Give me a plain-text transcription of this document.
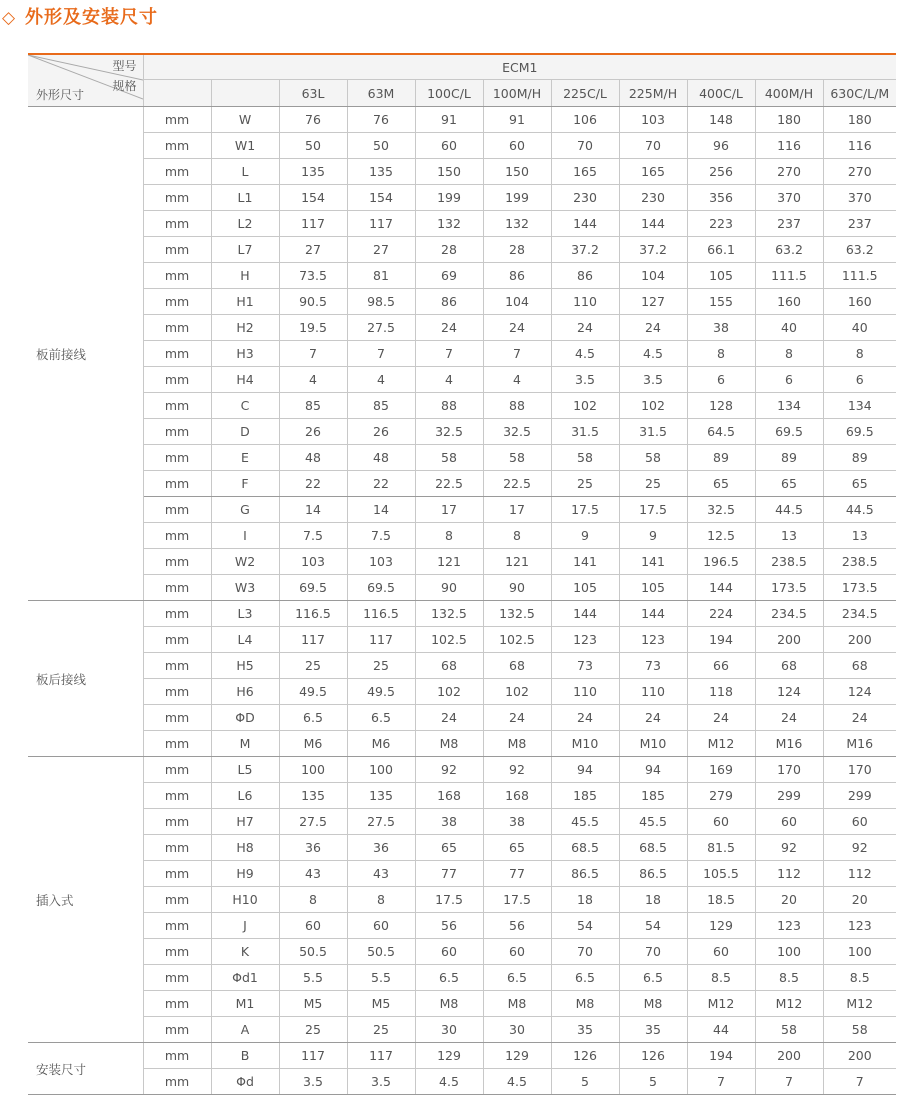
◇ 外形及安装尺寸
型号
规格
外形尺寸	ECM1										
			63L	63M	100C/L	100M/H	225C/L	225M/H	400C/L	400M/H	630C/L/M
板前接线	mm	W	76	76	91	91	106	103	148	180	180
	mm	W1	50	50	60	60	70	70	96	116	116
	mm	L	135	135	150	150	165	165	256	270	270
	mm	L1	154	154	199	199	230	230	356	370	370
	mm	L2	117	117	132	132	144	144	223	237	237
	mm	L7	27	27	28	28	37.2	37.2	66.1	63.2	63.2
	mm	H	73.5	81	69	86	86	104	105	111.5	111.5
	mm	H1	90.5	98.5	86	104	110	127	155	160	160
	mm	H2	19.5	27.5	24	24	24	24	38	40	40
	mm	H3	7	7	7	7	4.5	4.5	8	8	8
	mm	H4	4	4	4	4	3.5	3.5	6	6	6
	mm	C	85	85	88	88	102	102	128	134	134
	mm	D	26	26	32.5	32.5	31.5	31.5	64.5	69.5	69.5
	mm	E	48	48	58	58	58	58	89	89	89
	mm	F	22	22	22.5	22.5	25	25	65	65	65
	mm	G	14	14	17	17	17.5	17.5	32.5	44.5	44.5
	mm	I	7.5	7.5	8	8	9	9	12.5	13	13
	mm	W2	103	103	121	121	141	141	196.5	238.5	238.5
	mm	W3	69.5	69.5	90	90	105	105	144	173.5	173.5
板后接线	mm	L3	116.5	116.5	132.5	132.5	144	144	224	234.5	234.5
	mm	L4	117	117	102.5	102.5	123	123	194	200	200
	mm	H5	25	25	68	68	73	73	66	68	68
	mm	H6	49.5	49.5	102	102	110	110	118	124	124
	mm	ΦD	6.5	6.5	24	24	24	24	24	24	24
	mm	M	M6	M6	M8	M8	M10	M10	M12	M16	M16
插入式	mm	L5	100	100	92	92	94	94	169	170	170
	mm	L6	135	135	168	168	185	185	279	299	299
	mm	H7	27.5	27.5	38	38	45.5	45.5	60	60	60
	mm	H8	36	36	65	65	68.5	68.5	81.5	92	92
	mm	H9	43	43	77	77	86.5	86.5	105.5	112	112
	mm	H10	8	8	17.5	17.5	18	18	18.5	20	20
	mm	J	60	60	56	56	54	54	129	123	123
	mm	K	50.5	50.5	60	60	70	70	60	100	100
	mm	Φd1	5.5	5.5	6.5	6.5	6.5	6.5	8.5	8.5	8.5
	mm	M1	M5	M5	M8	M8	M8	M8	M12	M12	M12
	mm	A	25	25	30	30	35	35	44	58	58
安装尺寸	mm	B	117	117	129	129	126	126	194	200	200
	mm	Φd	3.5	3.5	4.5	4.5	5	5	7	7	7
